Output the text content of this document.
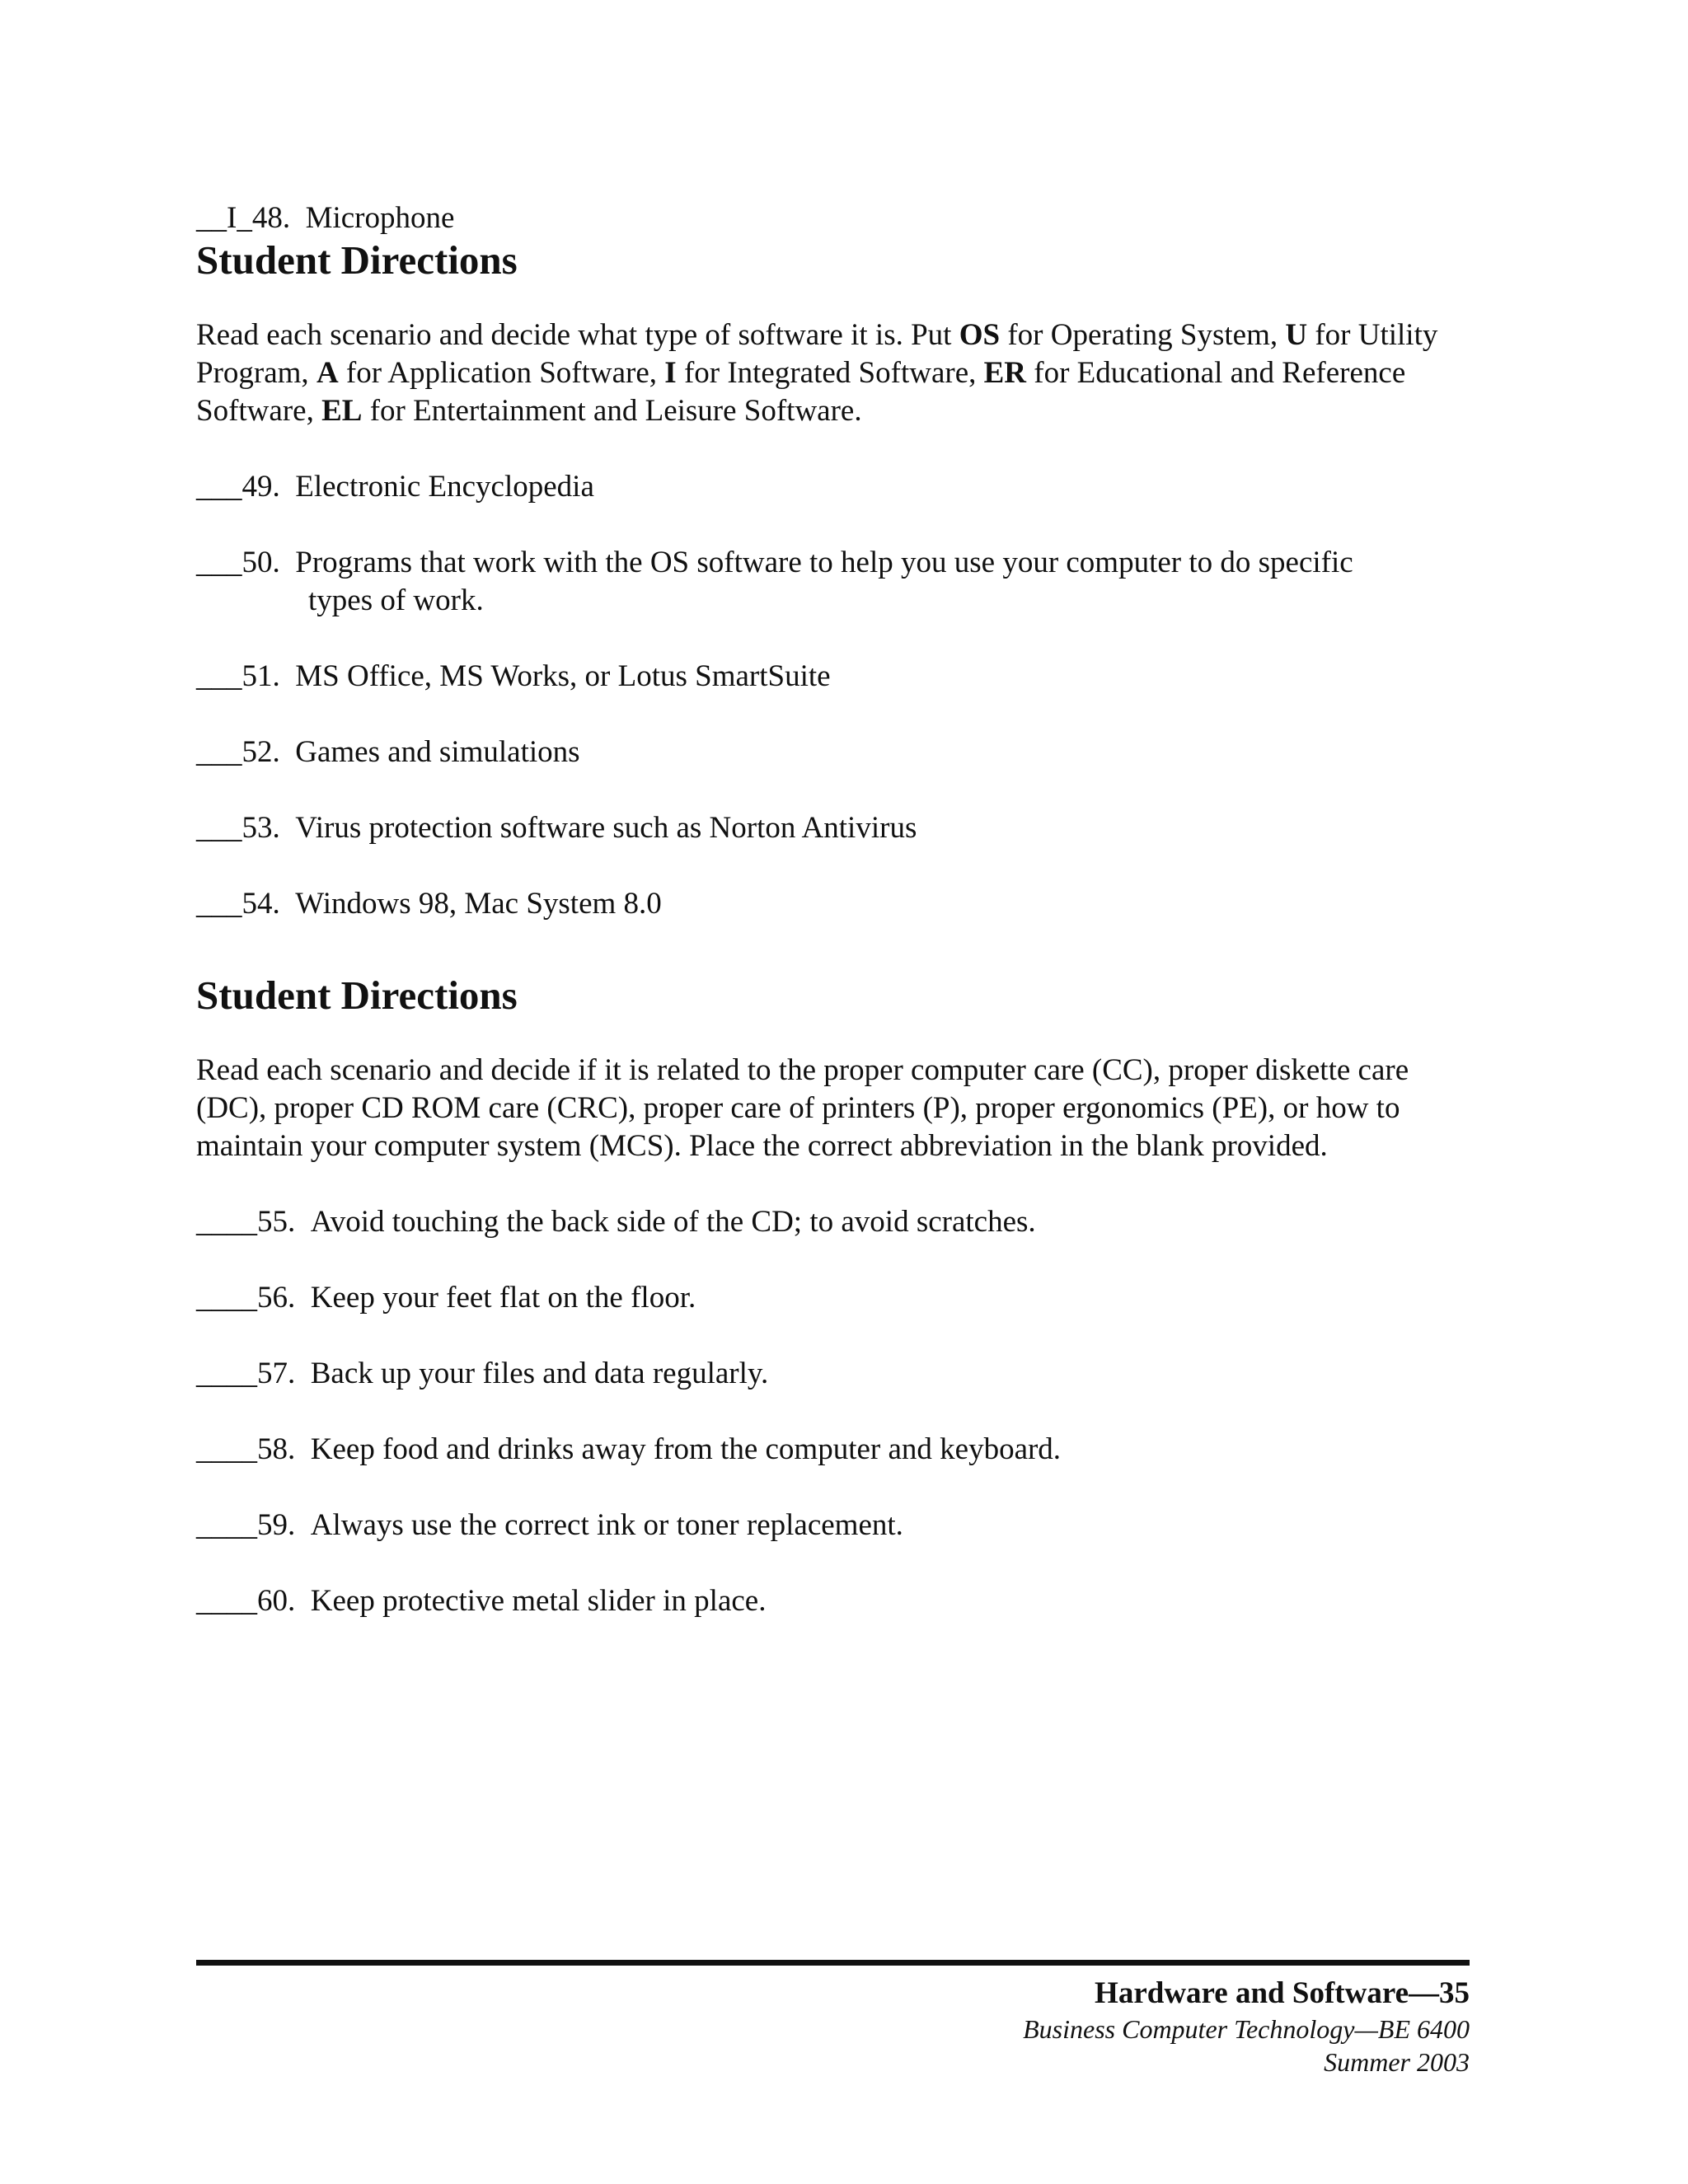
__I_48.  Microphone
Student Directions
Read each scenario and decide what type of software it is. Put OS for Operating System, U for Utility Program, A for Application Software, I for Integrated Software, ER for Educational and Reference Software, EL for Entertainment and Leisure Software.
___49. Electronic Encyclopedia
___50. Programs that work with the OS software to help you use your computer to do specific
types of work.
___51. MS Office, MS Works, or Lotus SmartSuite
___52. Games and simulations
___53. Virus protection software such as Norton Antivirus
___54. Windows 98, Mac System 8.0
Student Directions
Read each scenario and decide if it is related to the proper computer care (CC), proper diskette care (DC), proper CD ROM care (CRC), proper care of printers (P), proper ergonomics (PE), or how to maintain your computer system (MCS). Place the correct abbreviation in the blank provided.
____55. Avoid touching the back side of the CD; to avoid scratches.
____56. Keep your feet flat on the floor.
____57. Back up your files and data regularly.
____58. Keep food and drinks away from the computer and keyboard.
____59. Always use the correct ink or toner replacement.
____60. Keep protective metal slider in place.
Hardware and Software—35
Business Computer Technology—BE 6400
Summer 2003
